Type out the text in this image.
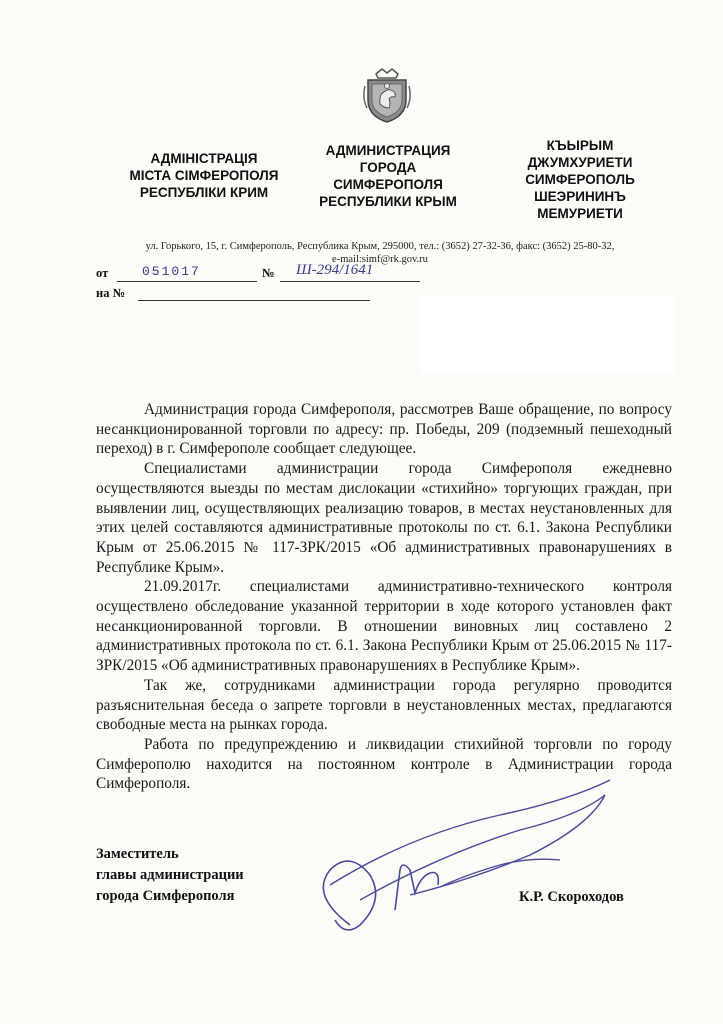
АДМІНІСТРАЦІЯ
МІСТА СІМФЕРОПОЛЯ
РЕСПУБЛІКИ КРИМ
АДМИНИСТРАЦИЯ
ГОРОДА
СИМФЕРОПОЛЯ
РЕСПУБЛИКИ КРЫМ
КЪЫРЫМ
ДЖУМХУРИЕТИ
СИМФЕРОПОЛЬ
ШЕЭРИНИНЪ
МЕМУРИЕТИ
ул. Горького, 15, г. Симферополь, Республика Крым, 295000, тел.: (3652) 27-32-36, факс: (3652) 25-80-32,
e-mail:simf@rk.gov.ru
от	051017	№ Ш-294/1641
на №

Администрация города Симферополя, рассмотрев Ваше обращение, по вопросу несанкционированной торговли по адресу: пр. Победы, 209 (подземный пешеходный переход) в г. Симферополе сообщает следующее.

Специалистами администрации города Симферополя ежедневно осуществляются выезды по местам дислокации «стихийно» торгующих граждан, при выявлении лиц, осуществляющих реализацию товаров, в местах неустановленных для этих целей составляются административные протоколы по ст. 6.1. Закона Республики Крым от 25.06.2015 № 117-ЗРК/2015 «Об административных правонарушениях в Республике Крым».

21.09.2017г. специалистами административно-технического контроля осуществлено обследование указанной территории в ходе которого установлен факт несанкционированной торговли. В отношении виновных лиц составлено 2 административных протокола по ст. 6.1. Закона Республики Крым от 25.06.2015 № 117-ЗРК/2015 «Об административных правонарушениях в Республике Крым».

Так же, сотрудниками администрации города регулярно проводится разъяснительная беседа о запрете торговли в неустановленных местах, предлагаются свободные места на рынках города.

Работа по предупреждению и ликвидации стихийной торговли по городу Симферополю находится на постоянном контроле в Администрации города Симферополя.

Заместитель
главы администрации
города Симферополя	К.Р. Скороходов
